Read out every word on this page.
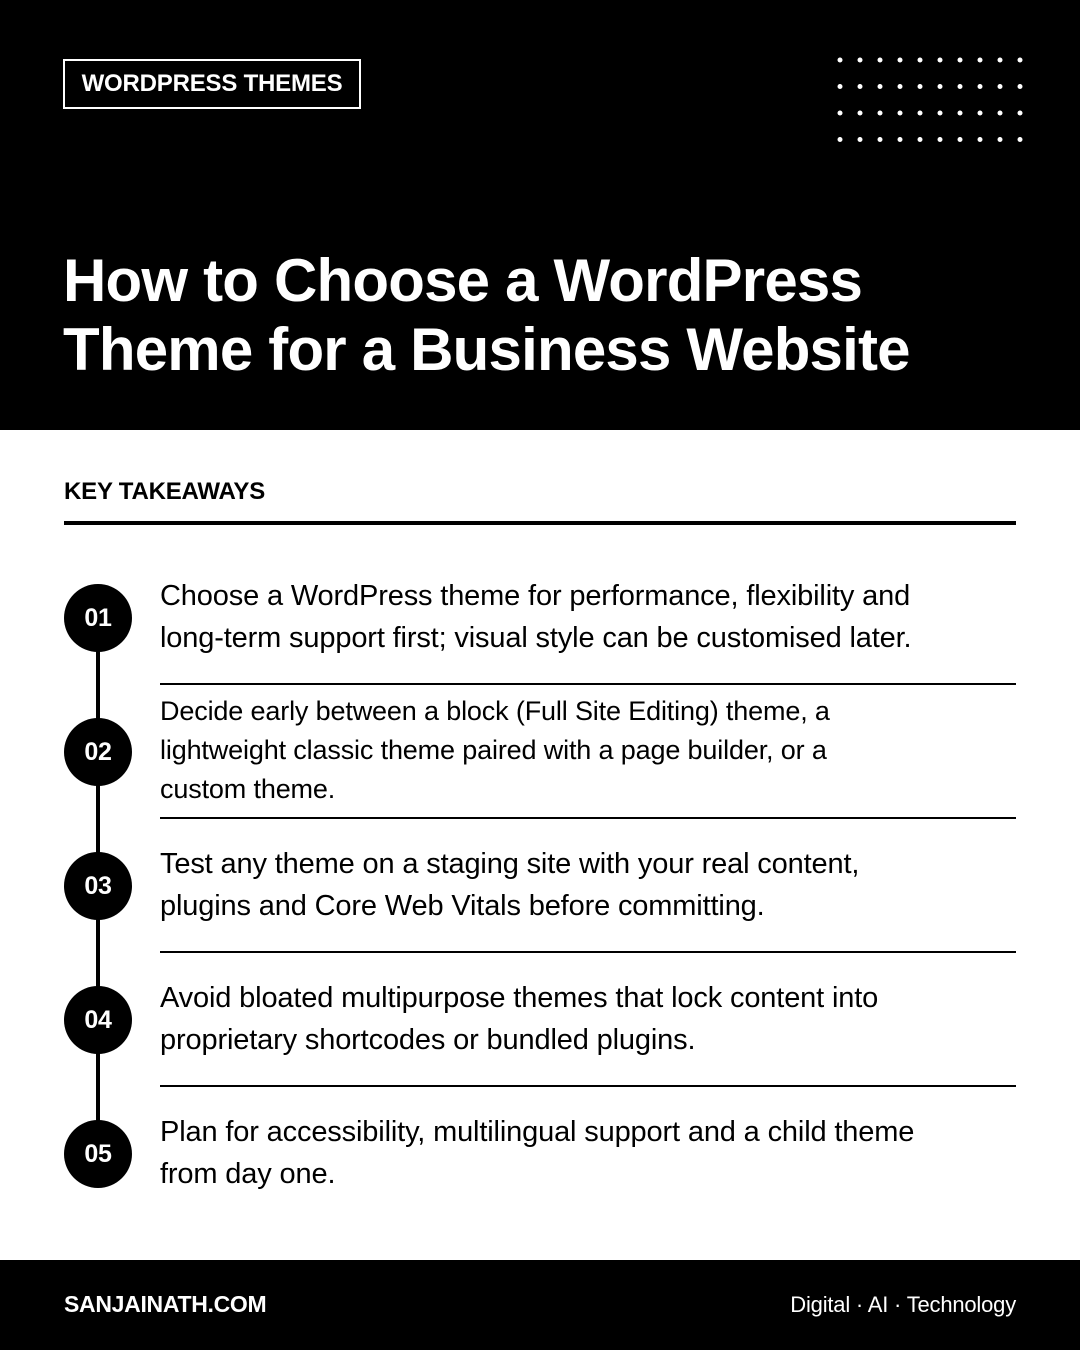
WORDPRESS THEMES
How to Choose a WordPress
Theme for a Business Website
KEY TAKEAWAYS
01
Choose a WordPress theme for performance, flexibility and
long-term support first; visual style can be customised later.
02
Decide early between a block (Full Site Editing) theme, a
lightweight classic theme paired with a page builder, or a
custom theme.
03
Test any theme on a staging site with your real content,
plugins and Core Web Vitals before committing.
04
Avoid bloated multipurpose themes that lock content into
proprietary shortcodes or bundled plugins.
05
Plan for accessibility, multilingual support and a child theme
from day one.
SANJAINATH.COM	Digital · AI · Technology
